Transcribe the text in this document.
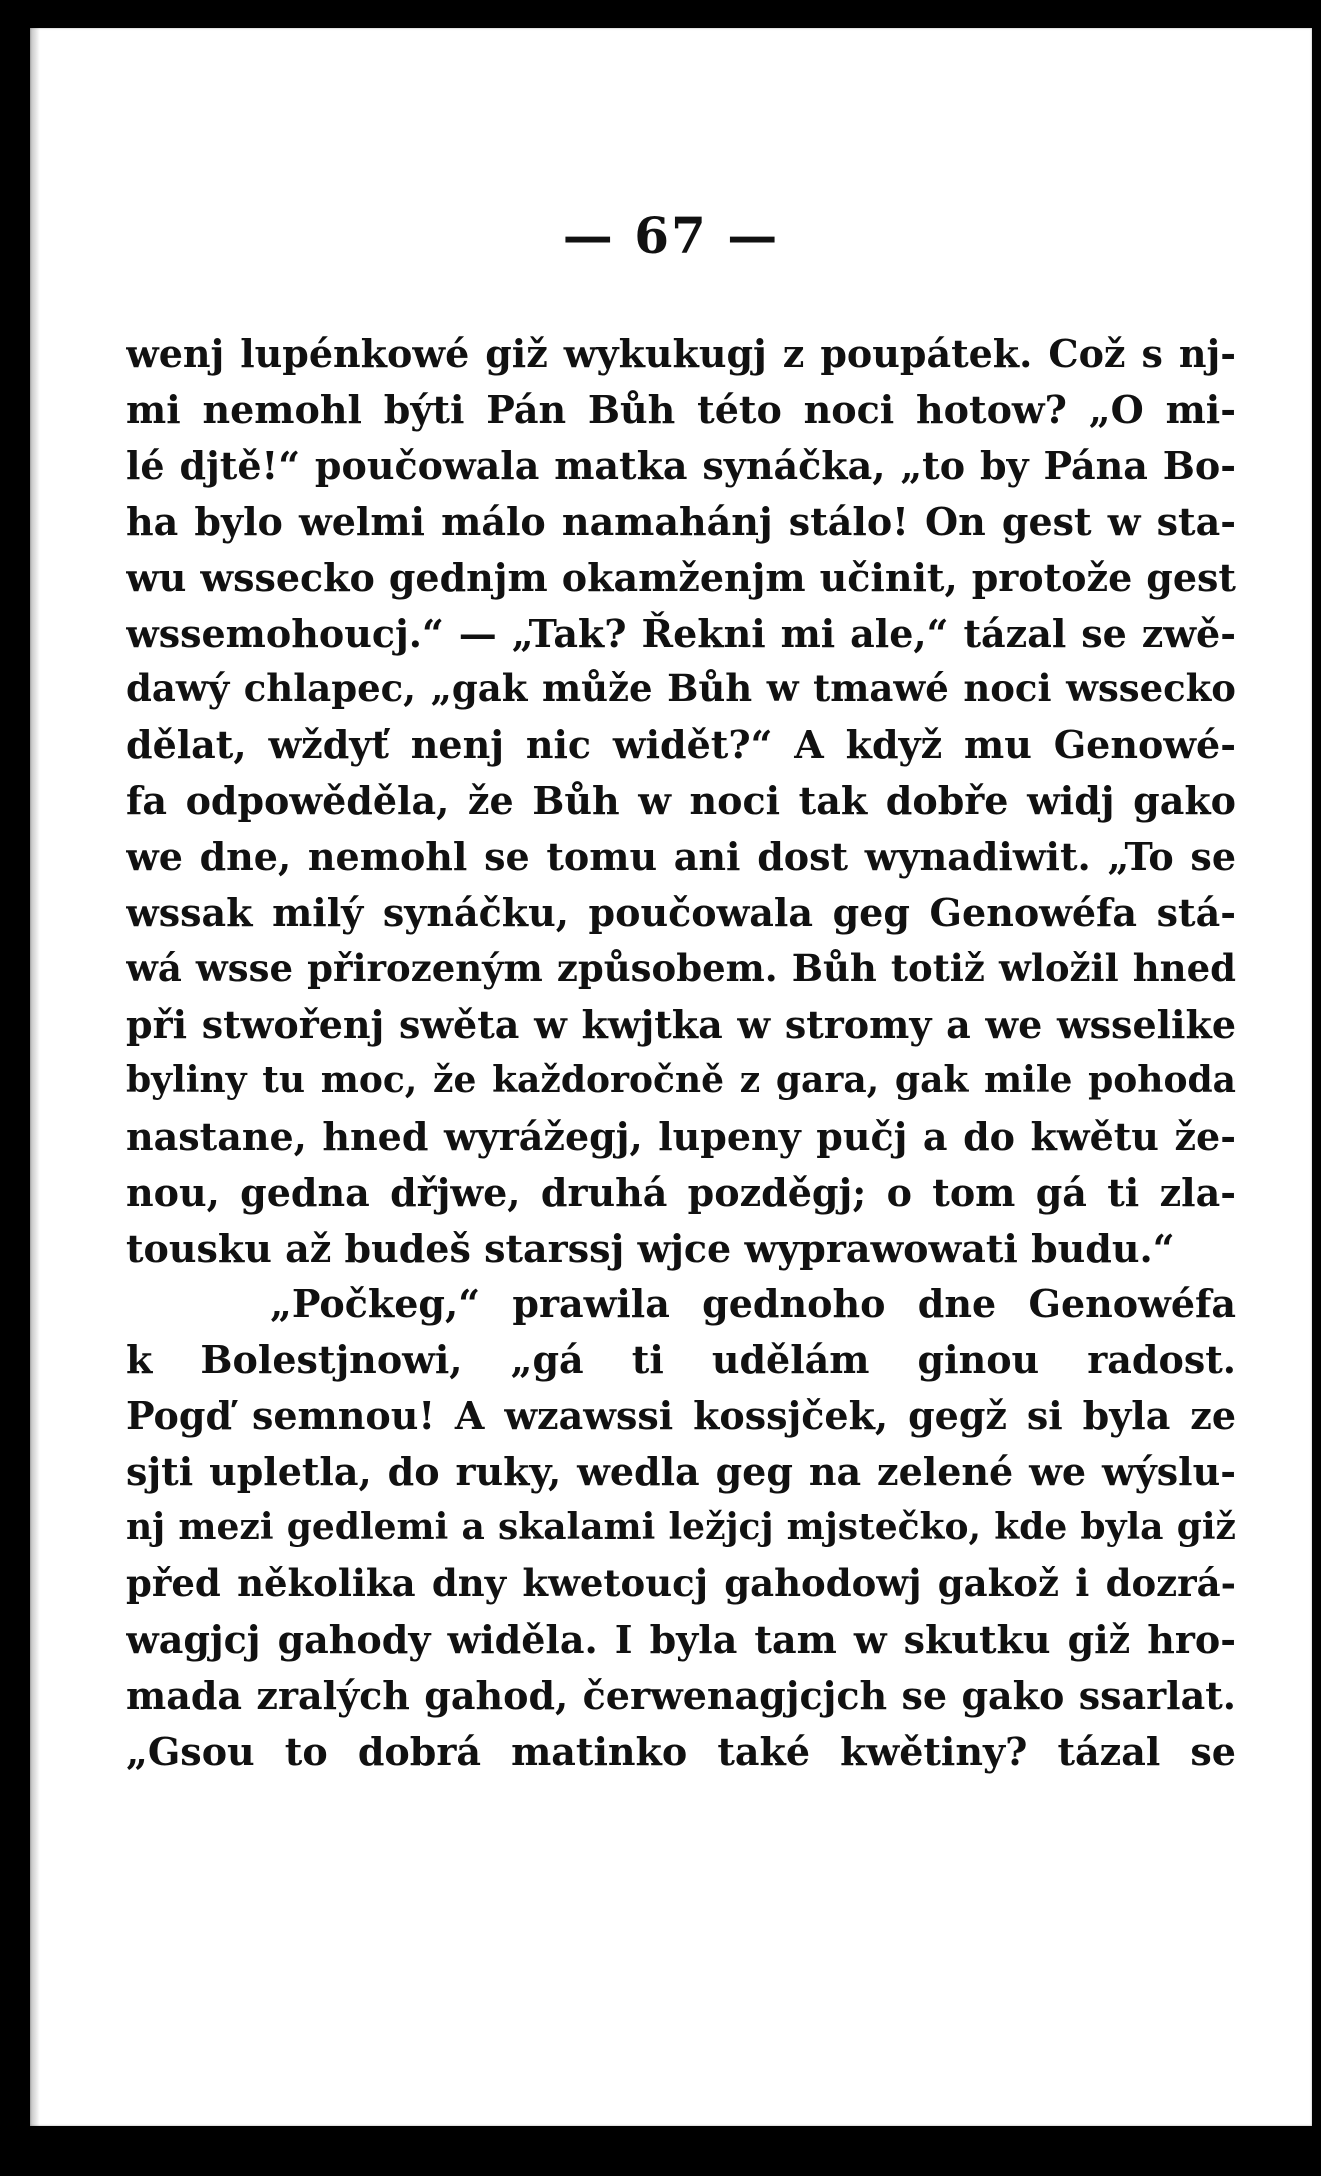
— 67 —
wenj lupénkowé giž wykukugj z poupátek. Což s nj-
mi nemohl býti Pán Bůh této noci hotow? „O mi-
lé djtě!“ poučowala matka synáčka, „to by Pána Bo-
ha bylo welmi málo namahánj stálo! On gest w sta-
wu wssecko gednjm okamženjm učinit, protože gest
wssemohoucj.“ — „Tak? Řekni mi ale,“ tázal se zwě-
dawý chlapec, „gak může Bůh w tmawé noci wssecko
dělat, wždyť nenj nic widět?“ A když mu Genowé-
fa odpowěděla, že Bůh w noci tak dobře widj gako
we dne, nemohl se tomu ani dost wynadiwit. „To se
wssak milý synáčku, poučowala geg Genowéfa stá-
wá wsse přirozeným způsobem. Bůh totiž wložil hned
při stwořenj swěta w kwjtka w stromy a we wsselike
byliny tu moc, že každoročně z gara, gak mile pohoda
nastane, hned wyrážegj, lupeny pučj a do kwětu že-
nou, gedna dřjwe, druhá pozděgj; o tom gá ti zla-
tousku až budeš starssj wjce wyprawowati budu.“
„Počkeg,“ prawila gednoho dne Genowéfa
k Bolestjnowi, „gá ti udělám ginou radost.
Pogď semnou! A wzawssi kossjček, gegž si byla ze
sjti upletla, do ruky, wedla geg na zelené we wýslu-
nj mezi gedlemi a skalami ležjcj mjstečko, kde byla giž
před několika dny kwetoucj gahodowj gakož i dozrá-
wagjcj gahody widěla. I byla tam w skutku giž hro-
mada zralých gahod, čerwenagjcjch se gako ssarlat.
„Gsou to dobrá matinko také kwětiny? tázal se
